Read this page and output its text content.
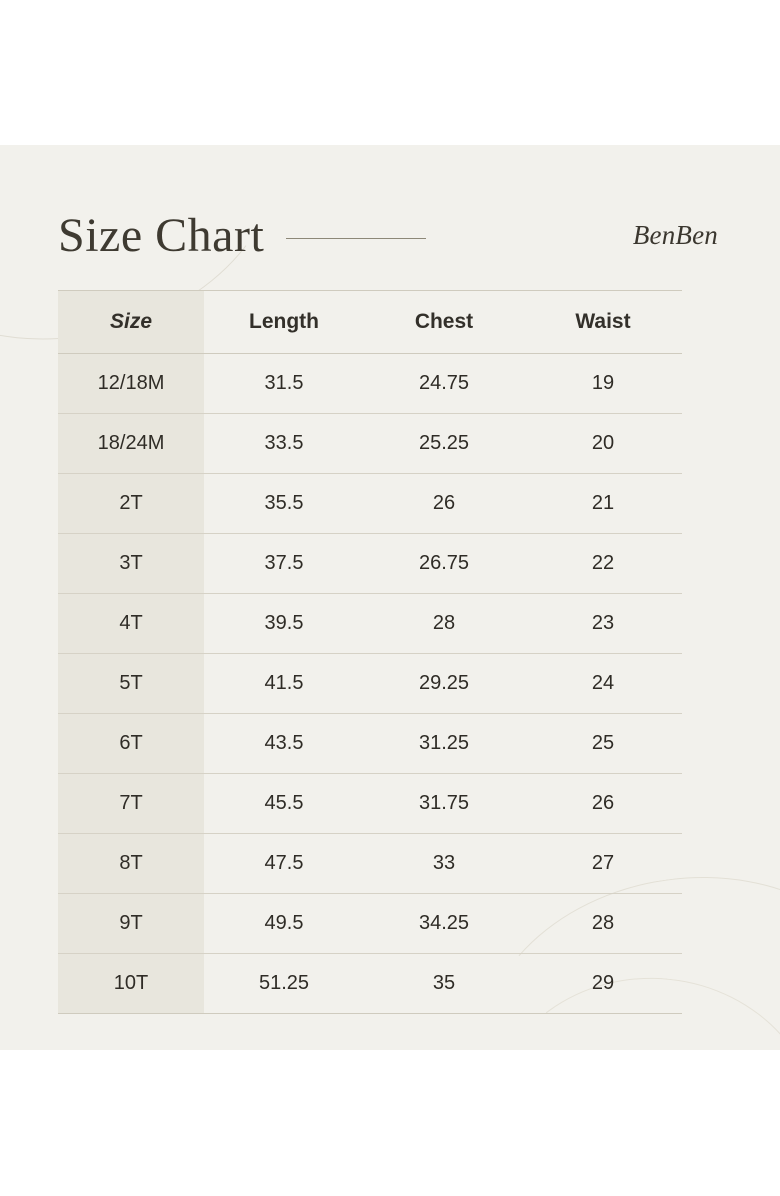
Size Chart	BenBen
Size	Length	Chest	Waist
12/18M	31.5	24.75	19
18/24M	33.5	25.25	20
2T	35.5	26	21
3T	37.5	26.75	22
4T	39.5	28	23
5T	41.5	29.25	24
6T	43.5	31.25	25
7T	45.5	31.75	26
8T	47.5	33	27
9T	49.5	34.25	28
10T	51.25	35	29
